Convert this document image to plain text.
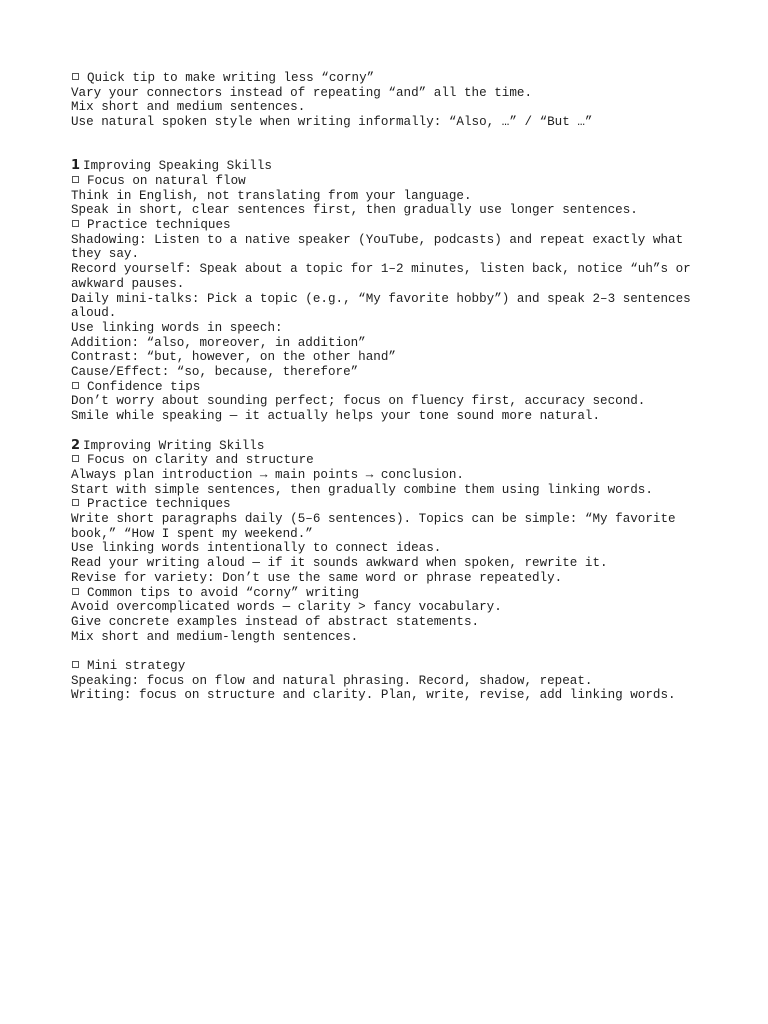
Quick tip to make writing less “corny”
Vary your connectors instead of repeating “and” all the time.
Mix short and medium sentences.
Use natural spoken style when writing informally: “Also, …” / “But …”
1 Improving Speaking Skills
Focus on natural flow
Think in English, not translating from your language.
Speak in short, clear sentences first, then gradually use longer sentences.
Practice techniques
Shadowing: Listen to a native speaker (YouTube, podcasts) and repeat exactly what they say.
Record yourself: Speak about a topic for 1–2 minutes, listen back, notice “uh”s or awkward pauses.
Daily mini-talks: Pick a topic (e.g., “My favorite hobby”) and speak 2–3 sentences aloud.
Use linking words in speech:
Addition: “also, moreover, in addition”
Contrast: “but, however, on the other hand”
Cause/Effect: “so, because, therefore”
Confidence tips
Don’t worry about sounding perfect; focus on fluency first, accuracy second.
Smile while speaking — it actually helps your tone sound more natural.
2 Improving Writing Skills
Focus on clarity and structure
Always plan introduction → main points → conclusion.
Start with simple sentences, then gradually combine them using linking words.
Practice techniques
Write short paragraphs daily (5–6 sentences). Topics can be simple: “My favorite book,” “How I spent my weekend.”
Use linking words intentionally to connect ideas.
Read your writing aloud — if it sounds awkward when spoken, rewrite it.
Revise for variety: Don’t use the same word or phrase repeatedly.
Common tips to avoid “corny” writing
Avoid overcomplicated words — clarity > fancy vocabulary.
Give concrete examples instead of abstract statements.
Mix short and medium-length sentences.
Mini strategy
Speaking: focus on flow and natural phrasing. Record, shadow, repeat.
Writing: focus on structure and clarity. Plan, write, revise, add linking words.
